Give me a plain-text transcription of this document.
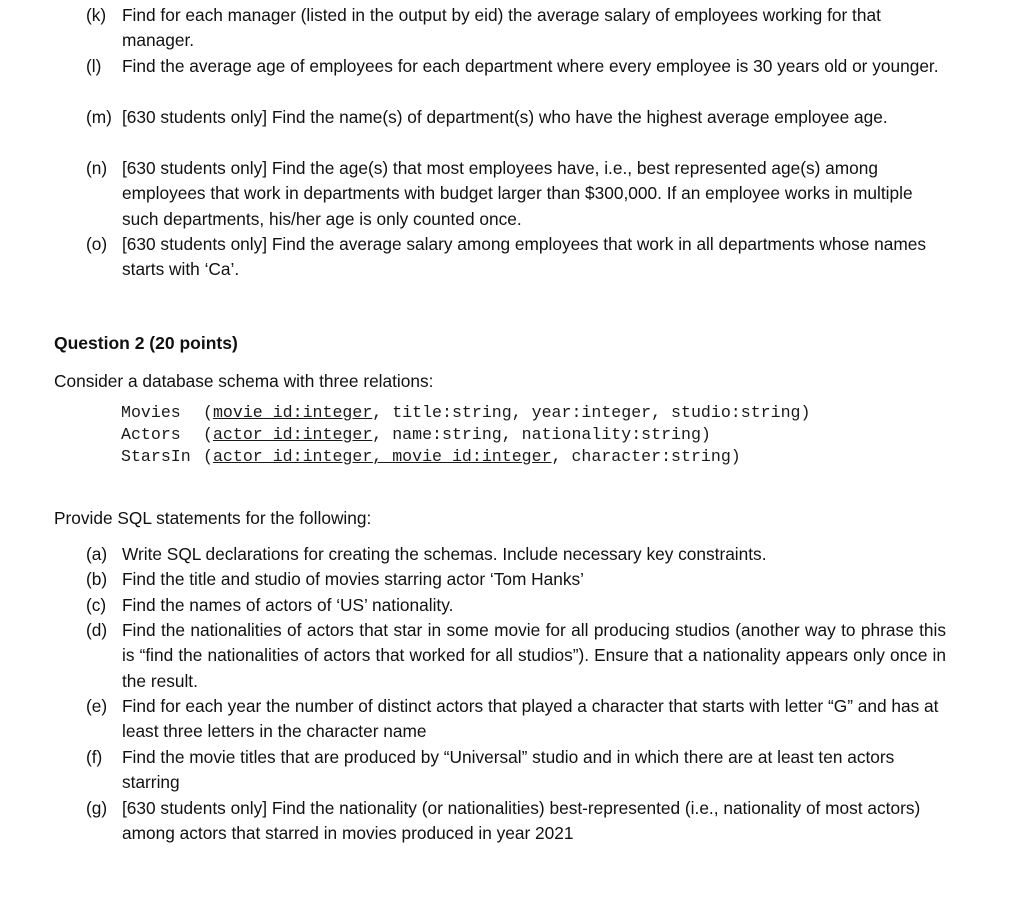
(k) Find for each manager (listed in the output by eid) the average salary of employees working for that manager.
(l)	Find the average age of employees for each department where every employee is 30 years old or younger.
(m) [630 students only] Find the name(s) of department(s) who have the highest average employee age.
(n) [630 students only] Find the age(s) that most employees have, i.e., best represented age(s) among employees that work in departments with budget larger than $300,000. If an employee works in multiple such departments, his/her age is only counted once.
(o) [630 students only] Find the average salary among employees that work in all departments whose names starts with ‘Ca’.
Question 2 (20 points)
Consider a database schema with three relations:
Movies (movie_id:integer, title:string, year:integer, studio:string)
Actors (actor_id:integer, name:string, nationality:string)
StarsIn (actor_id:integer, movie_id:integer, character:string)
Provide SQL statements for the following:
(a) Write SQL declarations for creating the schemas. Include necessary key constraints.
(b) Find the title and studio of movies starring actor ‘Tom Hanks’
(c) Find the names of actors of ‘US’ nationality.
(d) Find the nationalities of actors that star in some movie for all producing studios (another way to phrase this is “find the nationalities of actors that worked for all studios”). Ensure that a nationality appears only once in the result.
(e) Find for each year the number of distinct actors that played a character that starts with letter “G” and has at least three letters in the character name
(f)	Find the movie titles that are produced by “Universal” studio and in which there are at least ten actors starring
(g) [630 students only] Find the nationality (or nationalities) best-represented (i.e., nationality of most actors) among actors that starred in movies produced in year 2021
